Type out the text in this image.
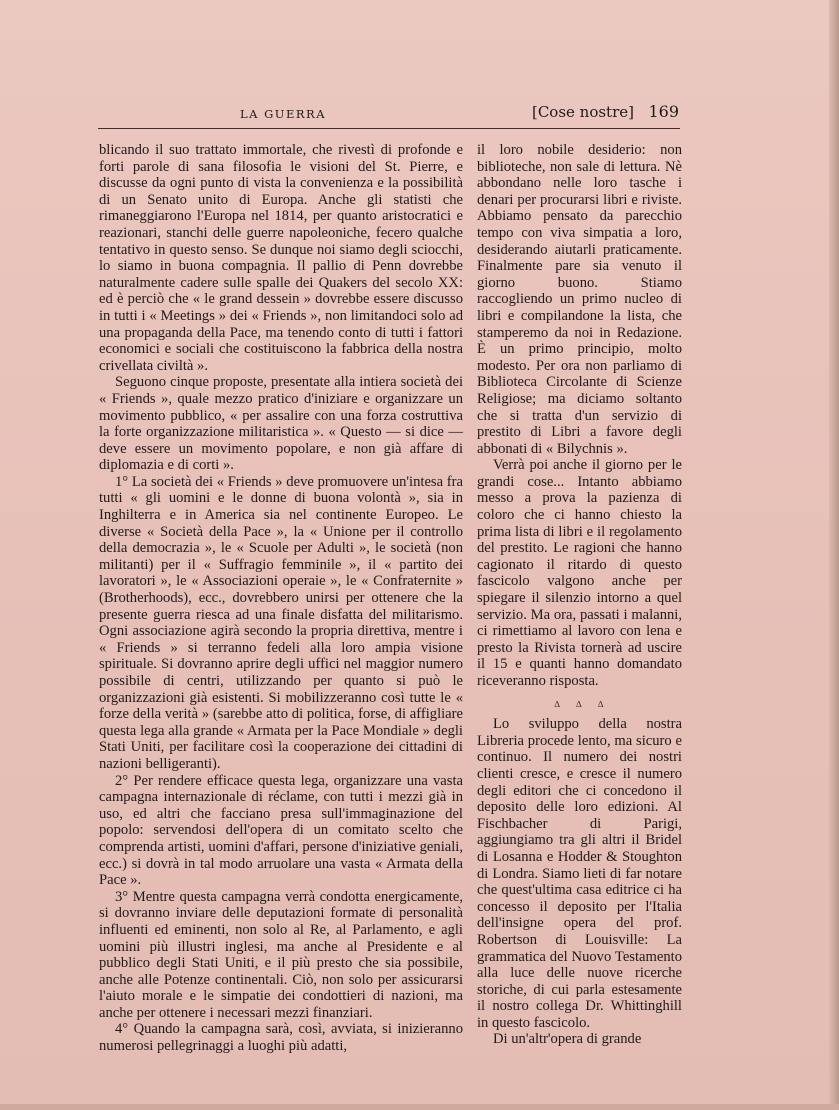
LA GUERRA	[Cose nostre] 169

blicando il suo trattato immortale, che rivestì di profonde e forti parole di sana filosofia le visioni del St. Pierre, e discusse da ogni punto di vista la convenienza e la possibilità di un Senato unito di Europa. Anche gli statisti che rimaneggiarono l'Europa nel 1814, per quanto aristocratici e reazionari, stanchi delle guerre napoleoniche, fecero qualche tentativo in questo senso. Se dunque noi siamo degli sciocchi, lo siamo in buona compagnia. Il pallio di Penn dovrebbe naturalmente cadere sulle spalle dei Quakers del secolo XX: ed è perciò che « le grand dessein » dovrebbe essere discusso in tutti i « Meetings » dei « Friends », non limitandoci solo ad una propaganda della Pace, ma tenendo conto di tutti i fattori economici e sociali che costituiscono la fabbrica della nostra crivellata civiltà ».

Seguono cinque proposte, presentate alla intiera società dei « Friends », quale mezzo pratico d'iniziare e organizzare un movimento pubblico, « per assalire con una forza costruttiva la forte organizzazione militaristica ». « Questo — si dice — deve essere un movimento popolare, e non già affare di diplomazia e di corti ».

1° La società dei « Friends » deve promuovere un'intesa fra tutti « gli uomini e le donne di buona volontà », sia in Inghilterra e in America sia nel continente Europeo. Le diverse « Società della Pace », la « Unione per il controllo della democrazia », le « Scuole per Adulti », le società (non militanti) per il « Suffragio femminile », il « partito dei lavoratori », le « Associazioni operaie », le « Confraternite » (Brotherhoods), ecc., dovrebbero unirsi per ottenere che la presente guerra riesca ad una finale disfatta del militarismo. Ogni associazione agirà secondo la propria direttiva, mentre i « Friends » si terranno fedeli alla loro ampia visione spirituale. Si dovranno aprire degli uffici nel maggior numero possibile di centri, utilizzando per quanto si può le organizzazioni già esistenti. Si mobilizzeranno così tutte le « forze della verità » (sarebbe atto di politica, forse, di affigliare questa lega alla grande « Armata per la Pace Mondiale » degli Stati Uniti, per facilitare così la cooperazione dei cittadini di nazioni belligeranti).

2° Per rendere efficace questa lega, organizzare una vasta campagna internazionale di réclame, con tutti i mezzi già in uso, ed altri che facciano presa sull'immaginazione del popolo: servendosi dell'opera di un comitato scelto che comprenda artisti, uomini d'affari, persone d'iniziative geniali, ecc.) si dovrà in tal modo arruolare una vasta « Armata della Pace ».

3° Mentre questa campagna verrà condotta energicamente, si dovranno inviare delle deputazioni formate di personalità influenti ed eminenti, non solo al Re, al Parlamento, e agli uomini più illustri inglesi, ma anche al Presidente e al pubblico degli Stati Uniti, e il più presto che sia possibile, anche alle Potenze continentali. Ciò, non solo per assicurarsi l'aiuto morale e le simpatie dei condottieri di nazioni, ma anche per ottenere i necessari mezzi finanziari.

4° Quando la campagna sarà, così, avviata, si inizieranno numerosi pellegrinaggi a luoghi più adatti,

il loro nobile desiderio: non biblioteche, non sale di lettura. Nè abbondano nelle loro tasche i denari per procurarsi libri e riviste. Abbiamo pensato da parecchio tempo con viva simpatia a loro, desiderando aiutarli praticamente. Finalmente pare sia venuto il giorno buono. Stiamo raccogliendo un primo nucleo di libri e compilandone la lista, che stamperemo da noi in Redazione. È un primo principio, molto modesto. Per ora non parliamo di Biblioteca Circolante di Scienze Religiose; ma diciamo soltanto che si tratta d'un servizio di prestito di Libri a favore degli abbonati di « Bilychnis ».

Verrà poi anche il giorno per le grandi cose... Intanto abbiamo messo a prova la pazienza di coloro che ci hanno chiesto la prima lista di libri e il regolamento del prestito. Le ragioni che hanno cagionato il ritardo di questo fascicolo valgono anche per spiegare il silenzio intorno a quel servizio. Ma ora, passati i malanni, ci rimettiamo al lavoro con lena e presto la Rivista tornerà ad uscire il 15 e quanti hanno domandato riceveranno risposta.

∆ ∆ ∆

Lo sviluppo della nostra Libreria procede lento, ma sicuro e continuo. Il numero dei nostri clienti cresce, e cresce il numero degli editori che ci concedono il deposito delle loro edizioni. Al Fischbacher di Parigi, aggiungiamo tra gli altri il Bridel di Losanna e Hodder & Stoughton di Londra. Siamo lieti di far notare che quest'ultima casa editrice ci ha concesso il deposito per l'Italia dell'insigne opera del prof. Robertson di Louisville: La grammatica del Nuovo Testamento alla luce delle nuove ricerche storiche, di cui parla estesamente il nostro collega Dr. Whittinghill in questo fascicolo.

Di un'altr'opera di grande
